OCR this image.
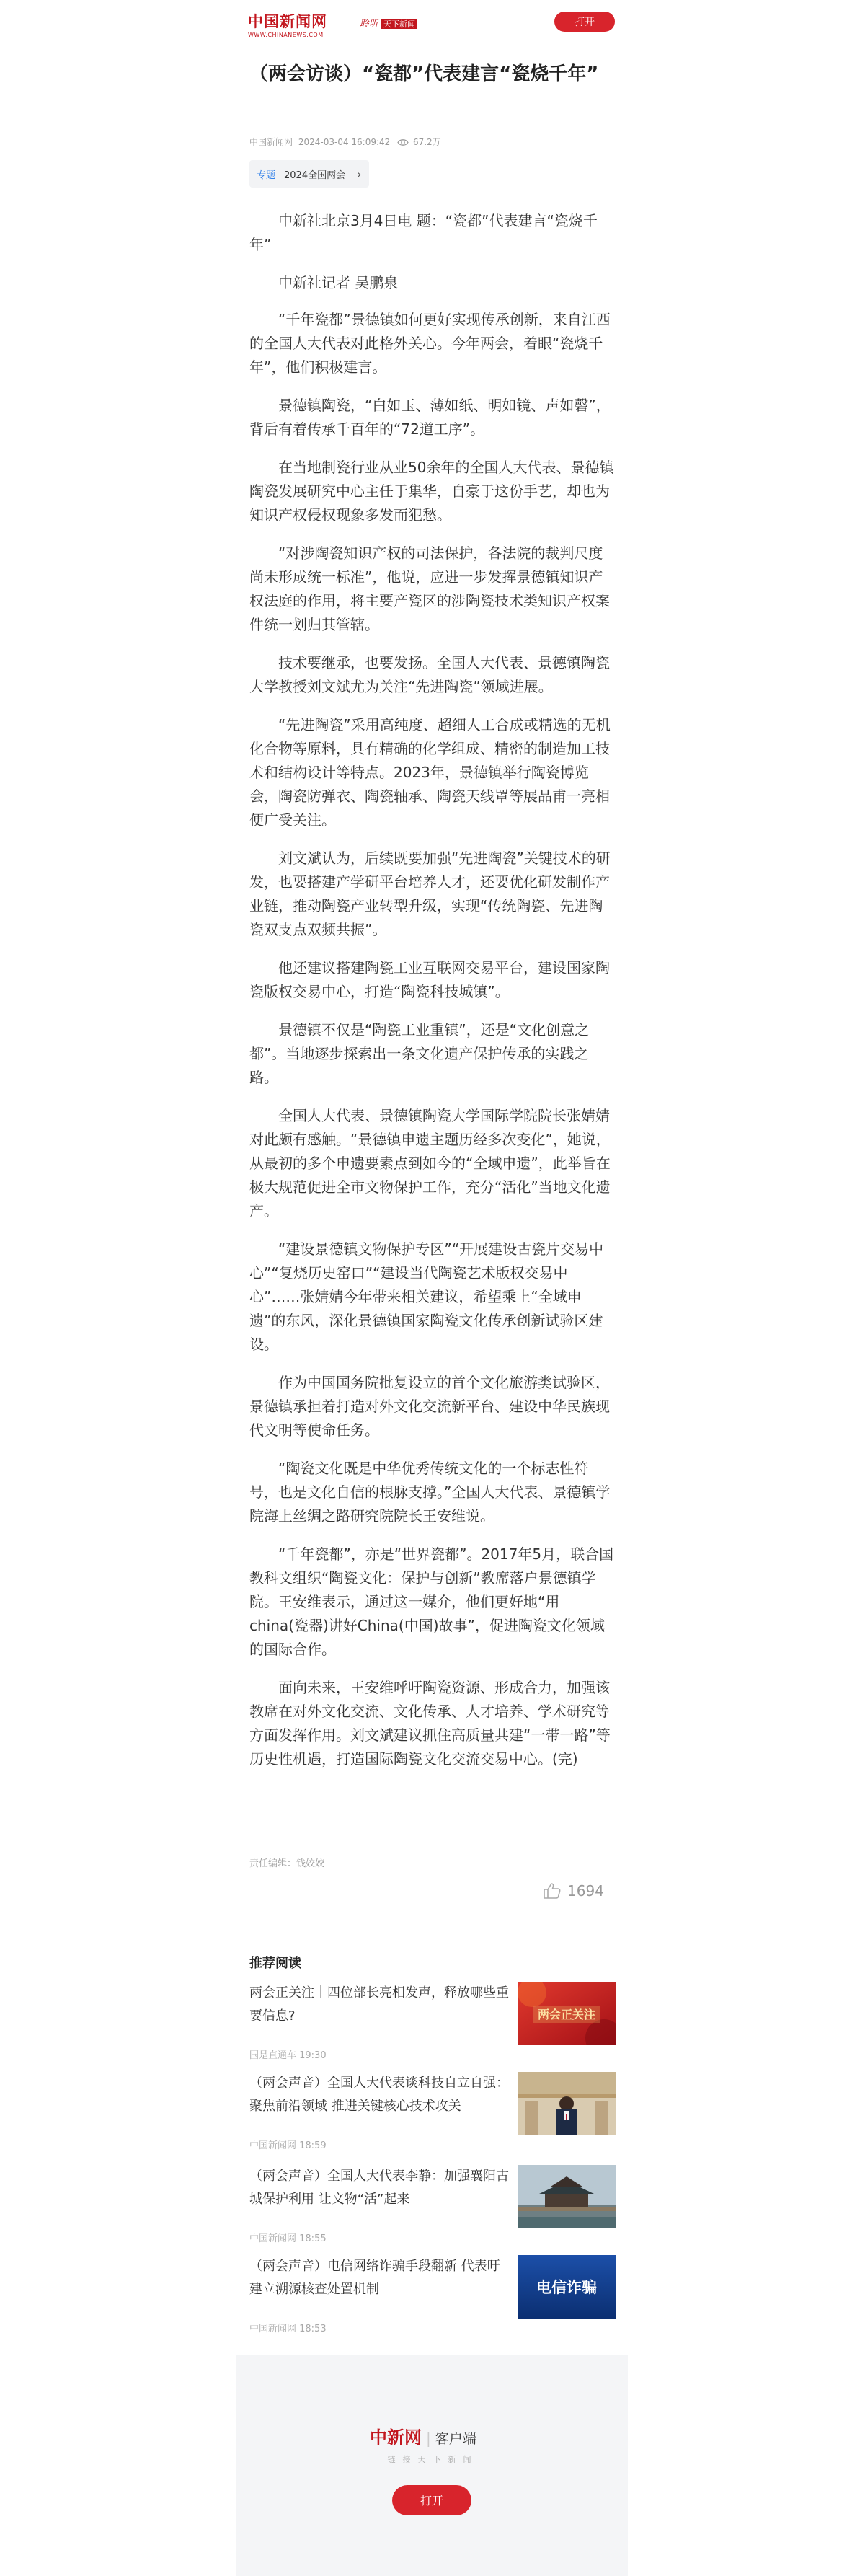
中国新闻网
WWW.CHINANEWS.COM
聆听 天下新闻	打开
（两会访谈）“瓷都”代表建言“瓷烧千年”
中国新闻网 2024-03-04 16:09:42	67.2万
专题 2024全国两会 ›

中新社北京3月4日电 题：“瓷都”代表建言“瓷烧千年”

中新社记者 吴鹏泉

“千年瓷都”景德镇如何更好实现传承创新，来自江西的全国人大代表对此格外关心。今年两会，着眼“瓷烧千年”，他们积极建言。

景德镇陶瓷，“白如玉、薄如纸、明如镜、声如磬”，背后有着传承千百年的“72道工序”。

在当地制瓷行业从业50余年的全国人大代表、景德镇陶瓷发展研究中心主任于集华，自豪于这份手艺，却也为知识产权侵权现象多发而犯愁。

“对涉陶瓷知识产权的司法保护，各法院的裁判尺度尚未形成统一标准”，他说，应进一步发挥景德镇知识产权法庭的作用，将主要产瓷区的涉陶瓷技术类知识产权案件统一划归其管辖。

技术要继承，也要发扬。全国人大代表、景德镇陶瓷大学教授刘文斌尤为关注“先进陶瓷”领域进展。

“先进陶瓷”采用高纯度、超细人工合成或精选的无机化合物等原料，具有精确的化学组成、精密的制造加工技术和结构设计等特点。2023年，景德镇举行陶瓷博览会，陶瓷防弹衣、陶瓷轴承、陶瓷天线罩等展品甫一亮相便广受关注。

刘文斌认为，后续既要加强“先进陶瓷”关键技术的研发，也要搭建产学研平台培养人才，还要优化研发制作产业链，推动陶瓷产业转型升级，实现“传统陶瓷、先进陶瓷双支点双频共振”。

他还建议搭建陶瓷工业互联网交易平台，建设国家陶瓷版权交易中心，打造“陶瓷科技城镇”。

景德镇不仅是“陶瓷工业重镇”，还是“文化创意之都”。当地逐步探索出一条文化遗产保护传承的实践之路。

全国人大代表、景德镇陶瓷大学国际学院院长张婧婧对此颇有感触。“景德镇申遗主题历经多次变化”，她说，从最初的多个申遗要素点到如今的“全域申遗”，此举旨在极大规范促进全市文物保护工作，充分“活化”当地文化遗产。

“建设景德镇文物保护专区”“开展建设古瓷片交易中心”“复烧历史窑口”“建设当代陶瓷艺术版权交易中心”……张婧婧今年带来相关建议，希望乘上“全域申遗”的东风，深化景德镇国家陶瓷文化传承创新试验区建设。

作为中国国务院批复设立的首个文化旅游类试验区，景德镇承担着打造对外文化交流新平台、建设中华民族现代文明等使命任务。

“陶瓷文化既是中华优秀传统文化的一个标志性符号，也是文化自信的根脉支撑。”全国人大代表、景德镇学院海上丝绸之路研究院院长王安维说。

“千年瓷都”，亦是“世界瓷都”。2017年5月，联合国教科文组织“陶瓷文化：保护与创新”教席落户景德镇学院。王安维表示，通过这一媒介，他们更好地“用china(瓷器)讲好China(中国)故事”，促进陶瓷文化领域的国际合作。

面向未来，王安维呼吁陶瓷资源、形成合力，加强该教席在对外文化交流、文化传承、人才培养、学术研究等方面发挥作用。刘文斌建议抓住高质量共建“一带一路”等历史性机遇，打造国际陶瓷文化交流交易中心。(完)

责任编辑：钱姣姣
1694
推荐阅读
两会正关注｜四位部长亮相发声，释放哪些重要信息?
国是直通车 19:30
两会正关注
（两会声音）全国人大代表谈科技自立自强：聚焦前沿领域 推进关键核心技术攻关
中国新闻网 18:59
（两会声音）全国人大代表李静：加强襄阳古城保护利用 让文物“活”起来
中国新闻网 18:55
（两会声音）电信网络诈骗手段翻新 代表吁建立溯源核查处置机制
中国新闻网 18:53
电信诈骗
中新网 | 客户端
链接天下新闻
打开
